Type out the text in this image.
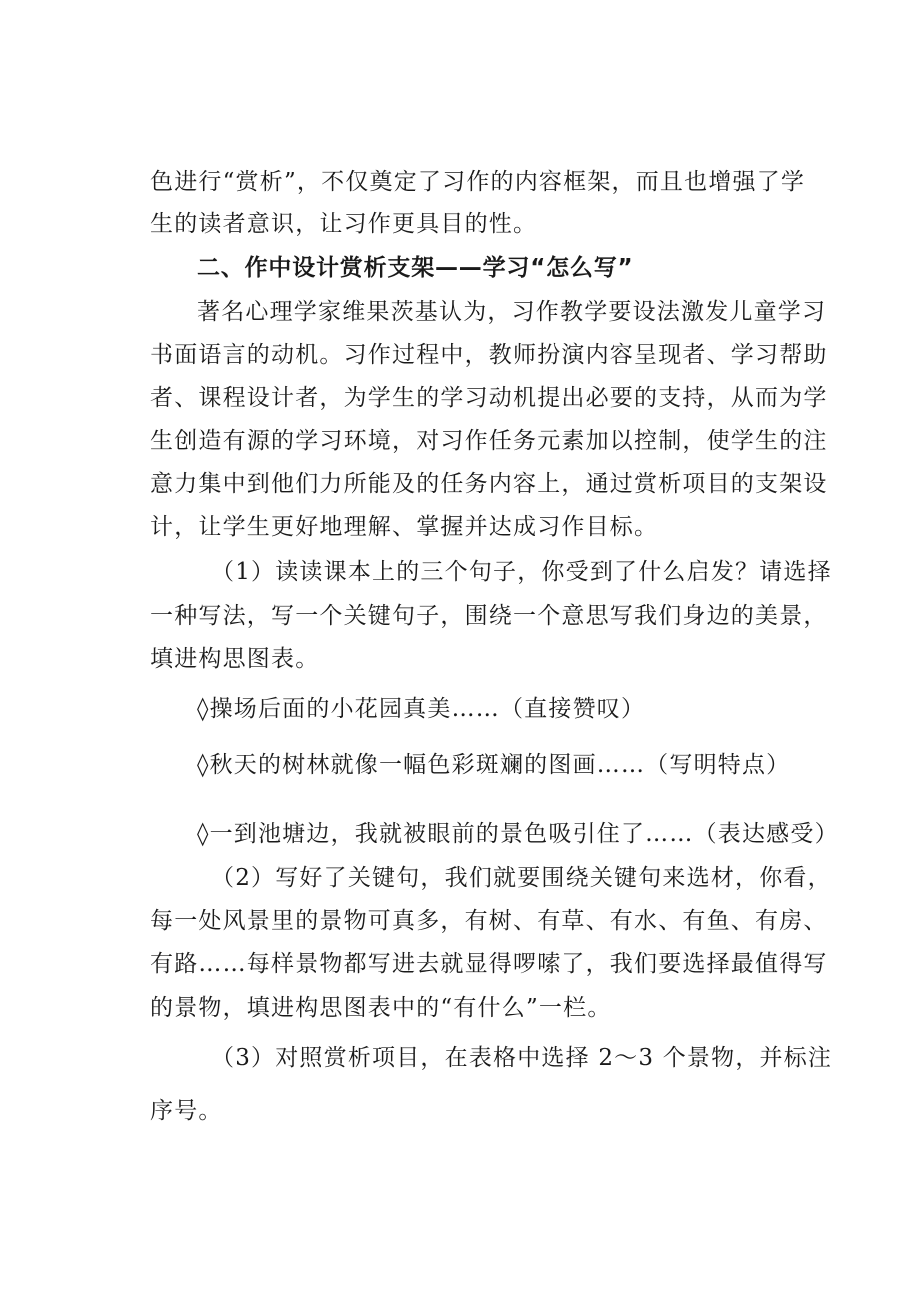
色进行“赏析”，不仅奠定了习作的内容框架，而且也增强了学
生的读者意识，让习作更具目的性。
二、作中设计赏析支架——学习“怎么写”
著名心理学家维果茨基认为，习作教学要设法激发儿童学习
书面语言的动机。习作过程中，教师扮演内容呈现者、学习帮助
者、课程设计者，为学生的学习动机提出必要的支持，从而为学
生创造有源的学习环境，对习作任务元素加以控制，使学生的注
意力集中到他们力所能及的任务内容上，通过赏析项目的支架设
计，让学生更好地理解、掌握并达成习作目标。
（1）读读课本上的三个句子，你受到了什么启发？请选择
一种写法，写一个关键句子，围绕一个意思写我们身边的美景，
填进构思图表。
◊操场后面的小花园真美……（直接赞叹）
◊秋天的树林就像一幅色彩斑斓的图画……（写明特点）
◊一到池塘边，我就被眼前的景色吸引住了……（表达感受）
（2）写好了关键句，我们就要围绕关键句来选材，你看，
每一处风景里的景物可真多，有树、有草、有水、有鱼、有房、
有路……每样景物都写进去就显得啰嗦了，我们要选择最值得写
的景物，填进构思图表中的“有什么”一栏。
（3）对照赏析项目，在表格中选择 2～3 个景物，并标注
序号。
